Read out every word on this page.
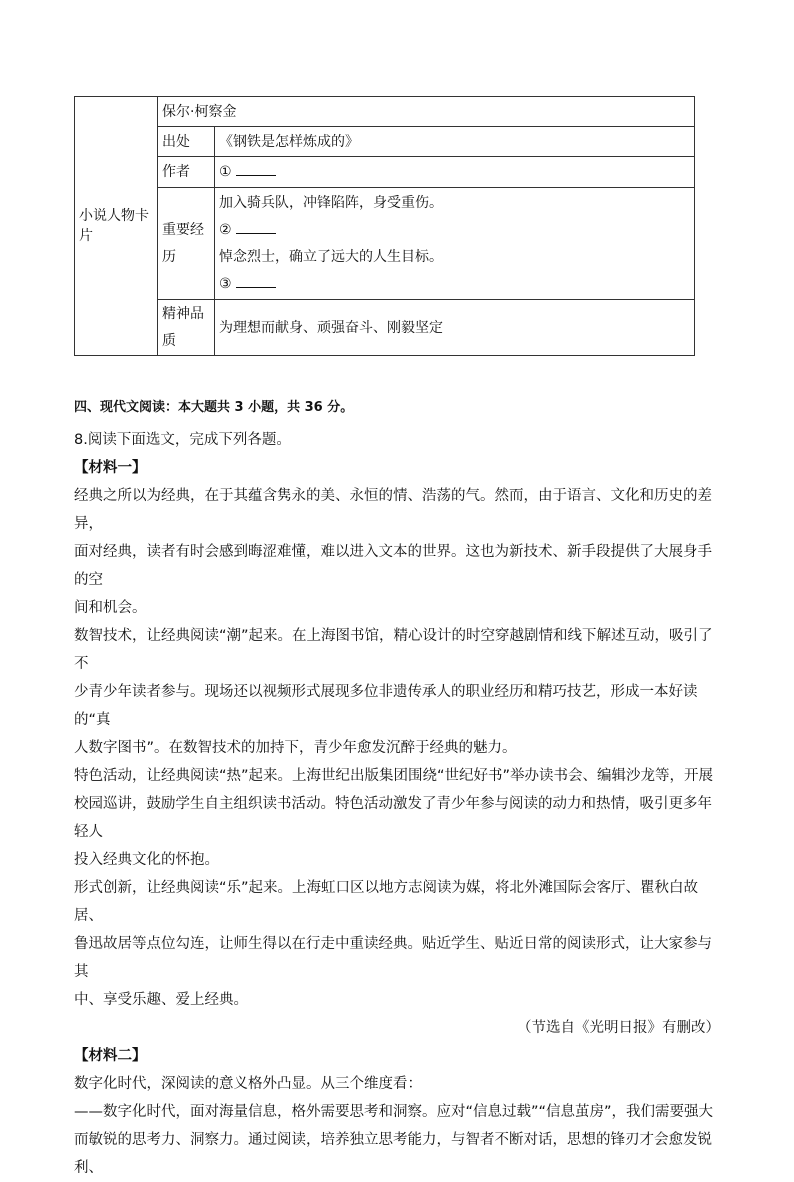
小说人物卡片	保尔·柯察金	
	出处	《钢铁是怎样炼成的》
	作者	①
	重要经历	加入骑兵队，冲锋陷阵，身受重伤。
②
悼念烈士，确立了远大的人生目标。
③

	精神品质	为理想而献身、顽强奋斗、刚毅坚定
四、现代文阅读：本大题共 3 小题，共 36 分。

8.阅读下面选文，完成下列各题。

【材料一】

经典之所以为经典，在于其蕴含隽永的美、永恒的情、浩荡的气。然而，由于语言、文化和历史的差异，

面对经典，读者有时会感到晦涩难懂，难以进入文本的世界。这也为新技术、新手段提供了大展身手的空

间和机会。

数智技术，让经典阅读“潮”起来。在上海图书馆，精心设计的时空穿越剧情和线下解述互动，吸引了不

少青少年读者参与。现场还以视频形式展现多位非遗传承人的职业经历和精巧技艺，形成一本好读的“真

人数字图书”。在数智技术的加持下，青少年愈发沉醉于经典的魅力。

特色活动，让经典阅读“热”起来。上海世纪出版集团围绕“世纪好书”举办读书会、编辑沙龙等，开展

校园巡讲，鼓励学生自主组织读书活动。特色活动激发了青少年参与阅读的动力和热情，吸引更多年轻人

投入经典文化的怀抱。

形式创新，让经典阅读“乐”起来。上海虹口区以地方志阅读为媒，将北外滩国际会客厅、瞿秋白故居、

鲁迅故居等点位勾连，让师生得以在行走中重读经典。贴近学生、贴近日常的阅读形式，让大家参与其

中、享受乐趣、爱上经典。

（节选自《光明日报》有删改）

【材料二】

数字化时代，深阅读的意义格外凸显。从三个维度看：

——数字化时代，面对海量信息，格外需要思考和洞察。应对“信息过载”“信息茧房”，我们需要强大

而敏锐的思考力、洞察力。通过阅读，培养独立思考能力，与智者不断对话，思想的锋刃才会愈发锐利、
